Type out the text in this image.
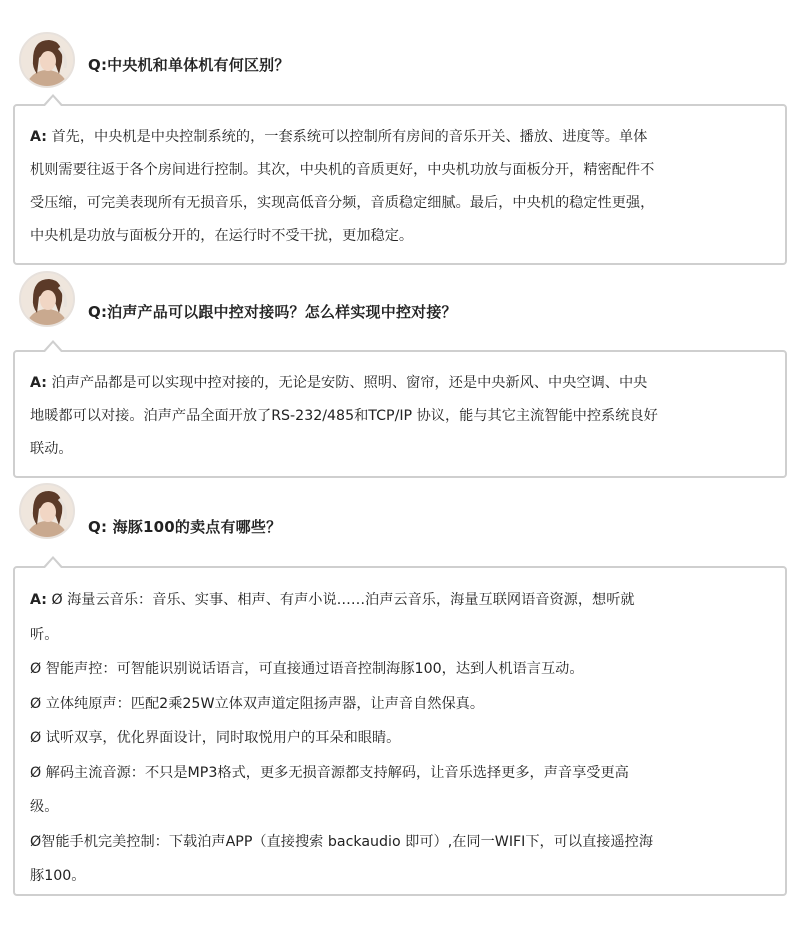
Q:中央机和单体机有何区别？

A: 首先，中央机是中央控制系统的，一套系统可以控制所有房间的音乐开关、播放、进度等。单体

机则需要往返于各个房间进行控制。其次，中央机的音质更好，中央机功放与面板分开，精密配件不

受压缩，可完美表现所有无损音乐，实现高低音分频，音质稳定细腻。最后，中央机的稳定性更强，

中央机是功放与面板分开的，在运行时不受干扰，更加稳定。

Q:泊声产品可以跟中控对接吗？怎么样实现中控对接？

A: 泊声产品都是可以实现中控对接的，无论是安防、照明、窗帘，还是中央新风、中央空调、中央

地暖都可以对接。泊声产品全面开放了RS-232/485和TCP/IP 协议，能与其它主流智能中控系统良好

联动。

Q: 海豚100的卖点有哪些？

A: Ø 海量云音乐：音乐、实事、相声、有声小说……泊声云音乐，海量互联网语音资源，想听就

听。

Ø 智能声控：可智能识别说话语言，可直接通过语音控制海豚100，达到人机语言互动。

Ø 立体纯原声：匹配2乘25W立体双声道定阻扬声器，让声音自然保真。

Ø 试听双享，优化界面设计，同时取悦用户的耳朵和眼睛。

Ø 解码主流音源：不只是MP3格式，更多无损音源都支持解码，让音乐选择更多，声音享受更高

级。

Ø智能手机完美控制：下载泊声APP（直接搜索 backaudio 即可）,在同一WIFI下，可以直接遥控海

豚100。
